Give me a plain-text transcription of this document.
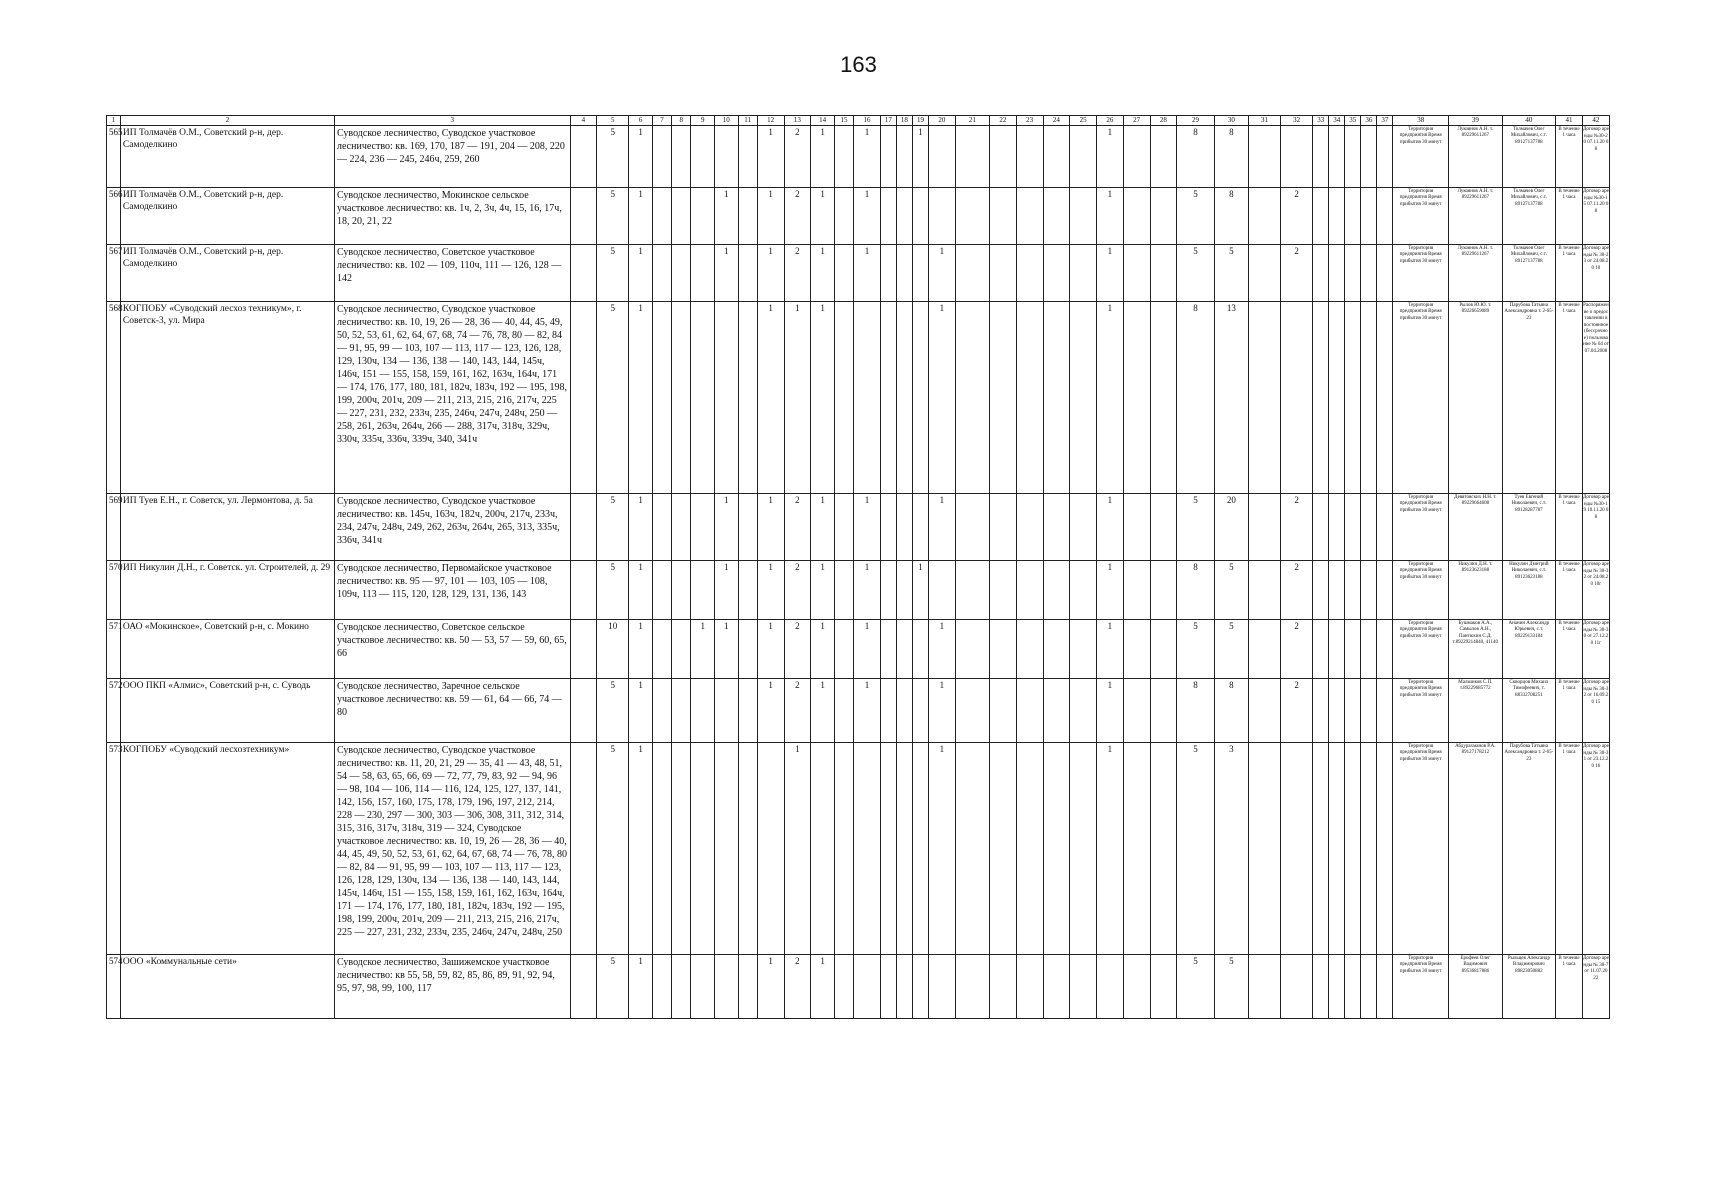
163
1	2	3	4	5	6	7	8	9	10	11	12	13	14	15	16	17	18	19	20	21	22	23	24	25	26	27	28	29	30	31	32	33	34	35	36	37	38	39	40	41	42
565	ИП Толмачёв О.М., Советский р-н, дер. Самоделкино	Суводское лесничество, Суводское участковое лесничество: кв. 169, 170, 187 — 191, 204 — 208, 220 — 224, 236 — 245, 246ч, 259, 260		5	1						1	2	1		1			1							1			8	8								Территория предприятия Время прибытия 30 минут	Лукоянов А.Н. т. 89229611267	Толмачев Олег Михайлович, с.т. 89127137788	В течение 1 часа	Договор аренды №30-20 07.11.20 08
566	ИП Толмачёв О.М., Советский р-н, дер. Самоделкино	Суводское лесничество, Мокинское сельское участковое лесничество: кв. 1ч, 2, 3ч, 4ч, 15, 16, 17ч, 18, 20, 21, 22		5	1				1		1	2	1		1										1			5	8		2						Территория предприятия Время прибытия 30 минут	Лукоянов А.Н. т. 89229611267	Толмачев Олег Михайлович, с.т. 89127137788	В течение 1 часа	Договор аренды №30-15 07.11.20 08
567	ИП Толмачёв О.М., Советский р-н, дер. Самоделкино	Суводское лесничество, Советское участковое лесничество: кв. 102 — 109, 110ч, 111 — 126, 128 — 142		5	1				1		1	2	1		1				1						1			5	5		2						Территория предприятия Время прибытия 30 минут	Лукоянов А.Н. т. 89229611267	Толмачев Олег Михайлович, с.т. 89127137788	В течение 1 часа	Договор аренды № 30-23 от 24.08.20 10
568	КОГПОБУ «Суводский лесхоз техникум», г. Советск-3, ул. Мира	Суводское лесничество, Суводское участковое лесничество: кв. 10, 19, 26 — 28, 36 — 40, 44, 45, 49, 50, 52, 53, 61, 62, 64, 67, 68, 74 — 76, 78, 80 — 82, 84 — 91, 95, 99 — 103, 107 — 113, 117 — 123, 126, 128, 129, 130ч, 134 — 136, 138 — 140, 143, 144, 145ч, 146ч, 151 — 155, 158, 159, 161, 162, 163ч, 164ч, 171 — 174, 176, 177, 180, 181, 182ч, 183ч, 192 — 195, 198, 199, 200ч, 201ч, 209 — 211, 213, 215, 216, 217ч, 225 — 227, 231, 232, 233ч, 235, 246ч, 247ч, 248ч, 250 — 258, 261, 263ч, 264ч, 266 — 288, 317ч, 318ч, 329ч, 330ч, 335ч, 336ч, 339ч, 340, 341ч		5	1						1	1	1						1						1			8	13								Территория предприятия Время прибытия 30 минут	Рылов Ю.Ю. т. 89226659089	Парубова Татьяна Александровна т. 2-65-23	В течение 1 часа	Распоряжение о предоставлении в постоянное (бессрочное) пользование № 64 от 07.04.2008
569	ИП Туев Е.Н., г. Советск, ул. Лермонтова, д. 5а	Суводское лесничество, Суводское участковое лесничество: кв. 145ч, 163ч, 182ч, 200ч, 217ч, 233ч, 234, 247ч, 248ч, 249, 262, 263ч, 264ч, 265, 313, 335ч, 336ч, 341ч		5	1				1		1	2	1		1				1						1			5	20		2						Территория предприятия Время прибытия 30 минут	Девятовских Н.Н. т. 89229664608	Туев Евгений Николаевич, с.т. 89128287787	В течение 1 часа	Договор аренды №30-19 10.11.20 08
570	ИП Никулин Д.Н., г. Советск. ул. Строителей, д. 29	Суводское лесничество, Первомайское участковое лесничество: кв. 95 — 97, 101 — 103, 105 — 108, 109ч, 113 — 115, 120, 128, 129, 131, 136, 143		5	1				1		1	2	1		1			1							1			8	5		2						Территория предприятия Время прибытия 30 минут	Никулин Д.Н. т. 89123623188	Никулин Дмитрий Николаевич, с.т. 89123623188	В течение 1 часа	Договор аренды № 30-32 от 24.08.20 10г
571	ОАО «Мокинское», Советский р-н, с. Мокино	Суводское лесничество, Советское сельское участковое лесничество: кв. 50 — 53, 57 — 59, 60, 65, 66		10	1			1	1		1	2	1		1				1						1			5	5		2						Территория предприятия Время прибытия 30 минут	Бушмаков А.А., Самылов А.Н., Пантюхин С.Д. т.89229214840, 41140	Ананин Александр Юрьевич, с.т. 89229133184	В течение 1 часа	Договор аренды № 30-30 от 27.12.20 11г
572	ООО ПКП «Алмис», Советский р-н, с. Суводь	Суводское лесничество, Заречное сельское участковое лесничество: кв. 59 — 61, 64 — 66, 74 — 80		5	1						1	2	1		1				1						1			8	8		2						Территория предприятия Время прибытия 30 минут	Мальчиков С.П. т.89229685772	Скворцов Михаил Тимофеевич, т. 88332708251	В течение 1 часа	Договор аренды № 30-32 от 16.09.20 15
573	КОГПОБУ «Суводский лесхозтехникум»	Суводское лесничество, Суводское участковое лесничество: кв. 11, 20, 21, 29 — 35, 41 — 43, 48, 51, 54 — 58, 63, 65, 66, 69 — 72, 77, 79, 83, 92 — 94, 96 — 98, 104 — 106, 114 — 116, 124, 125, 127, 137, 141, 142, 156, 157, 160, 175, 178, 179, 196, 197, 212, 214, 228 — 230, 297 — 300, 303 — 306, 308, 311, 312, 314, 315, 316, 317ч, 318ч, 319 — 324, Суводское участковое лесничество: кв. 10, 19, 26 — 28, 36 — 40, 44, 45, 49, 50, 52, 53, 61, 62, 64, 67, 68, 74 — 76, 78, 80 — 82, 84 — 91, 95, 99 — 103, 107 — 113, 117 — 123, 126, 128, 129, 130ч, 134 — 136, 138 — 140, 143, 144, 145ч, 146ч, 151 — 155, 158, 159, 161, 162, 163ч, 164ч, 171 — 174, 176, 177, 180, 181, 182ч, 183ч, 192 — 195, 198, 199, 200ч, 201ч, 209 — 211, 213, 215, 216, 217ч, 225 — 227, 231, 232, 233ч, 235, 246ч, 247ч, 248ч, 250		5	1							1							1						1			5	3								Территория предприятия Время прибытия 30 минут	Абдурахманов Р.А. 89127178212	Парубова Татьяна Александровна т. 2-65-23	В течение 1 часа	Договор аренды № 30-31 от 23.12.20 16
574	ООО «Коммунальные сети»	Суводское лесничество, Зашижемское участковое лесничество: кв 55, 58, 59, 82, 85, 86, 89, 91, 92, 94, 95, 97, 98, 99, 100, 117		5	1						1	2	1															5	5								Территория предприятия Время прибытия 30 минут	Ерофеев Олег Вадимович 89536817886	Рыльцев Александр Владимирович 89823050882	В течение 1 часа	Договор аренды № 30-7 от 11.07.20 22
